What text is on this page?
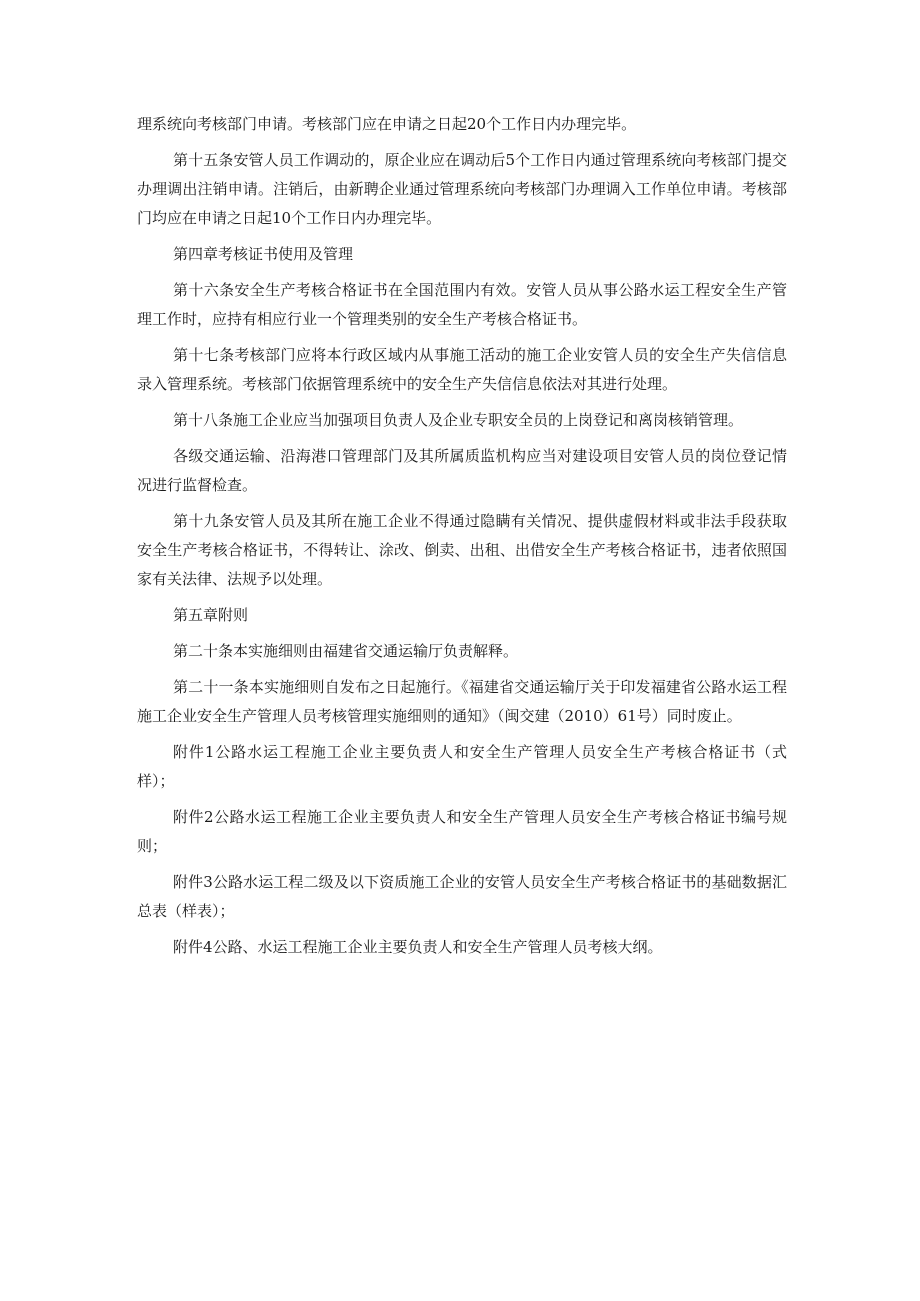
理系统向考核部门申请。考核部门应在申请之日起20个工作日内办理完毕。

第十五条安管人员工作调动的，原企业应在调动后5个工作日内通过管理系统向考核部门提交办理调出注销申请。注销后，由新聘企业通过管理系统向考核部门办理调入工作单位申请。考核部门均应在申请之日起10个工作日内办理完毕。

第四章考核证书使用及管理

第十六条安全生产考核合格证书在全国范围内有效。安管人员从事公路水运工程安全生产管理工作时，应持有相应行业一个管理类别的安全生产考核合格证书。

第十七条考核部门应将本行政区域内从事施工活动的施工企业安管人员的安全生产失信信息录入管理系统。考核部门依据管理系统中的安全生产失信信息依法对其进行处理。

第十八条施工企业应当加强项目负责人及企业专职安全员的上岗登记和离岗核销管理。

各级交通运输、沿海港口管理部门及其所属质监机构应当对建设项目安管人员的岗位登记情况进行监督检查。

第十九条安管人员及其所在施工企业不得通过隐瞒有关情况、提供虚假材料或非法手段获取安全生产考核合格证书，不得转让、涂改、倒卖、出租、出借安全生产考核合格证书，违者依照国家有关法律、法规予以处理。

第五章附则

第二十条本实施细则由福建省交通运输厅负责解释。

第二十一条本实施细则自发布之日起施行。《福建省交通运输厅关于印发福建省公路水运工程施工企业安全生产管理人员考核管理实施细则的通知》（闽交建（2010）61号）同时废止。

附件1公路水运工程施工企业主要负责人和安全生产管理人员安全生产考核合格证书（式样）；

附件2公路水运工程施工企业主要负责人和安全生产管理人员安全生产考核合格证书编号规则；

附件3公路水运工程二级及以下资质施工企业的安管人员安全生产考核合格证书的基础数据汇总表（样表）；

附件4公路、水运工程施工企业主要负责人和安全生产管理人员考核大纲。
